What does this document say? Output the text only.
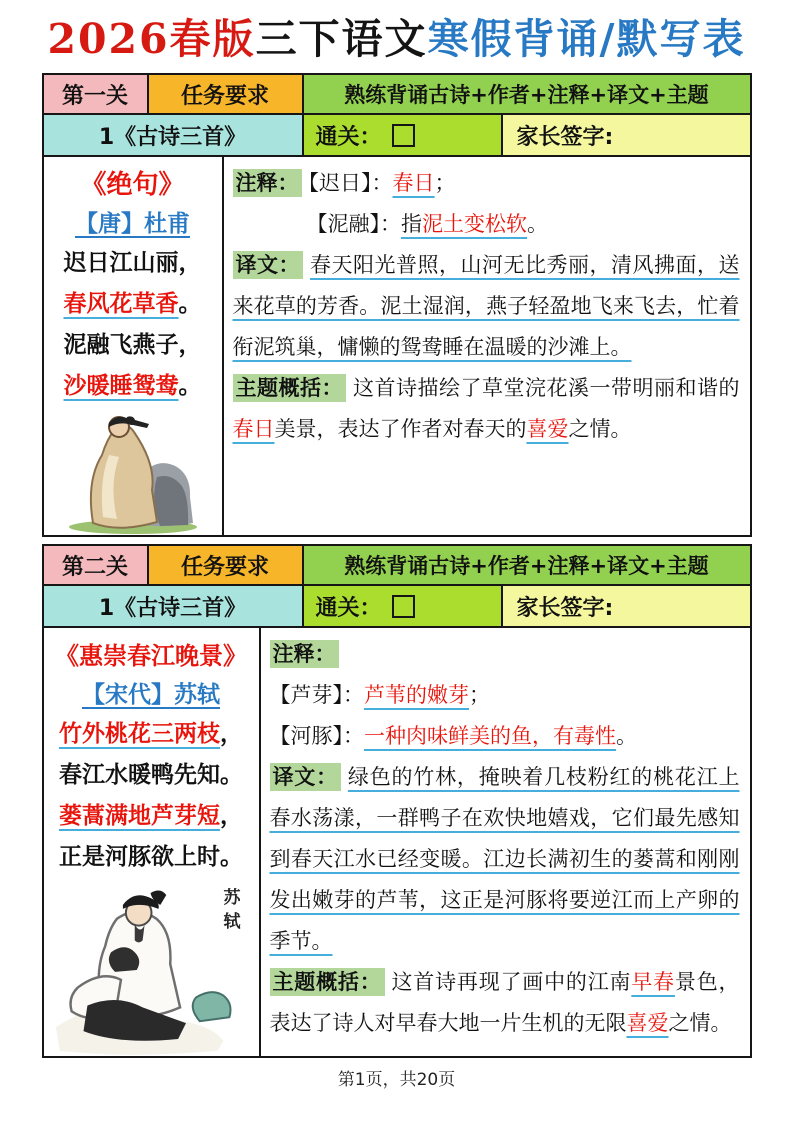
2026春版三下语文寒假背诵/默写表
第一关	任务要求	熟练背诵古诗+作者+注释+译文+主题
1《古诗三首》	通关：	家长签字:
《绝句》
【唐】杜甫
迟日江山丽，
春风花草香。
泥融飞燕子，
沙暖睡鸳鸯。
注释： 【迟日】：春日；
【泥融】：指泥土变松软。
译文： 春天阳光普照，山河无比秀丽，清风拂面，送来花草的芳香。泥土湿润，燕子轻盈地飞来飞去，忙着衔泥筑巢，慵懒的鸳鸯睡在温暖的沙滩上。
主题概括： 这首诗描绘了草堂浣花溪一带明丽和谐的春日美景，表达了作者对春天的喜爱之情。
第二关	任务要求	熟练背诵古诗+作者+注释+译文+主题
1《古诗三首》	通关：	家长签字:
《惠崇春江晚景》
【宋代】苏轼
竹外桃花三两枝，
春江水暖鸭先知。
蒌蒿满地芦芽短，
正是河豚欲上时。
苏轼
注释：
【芦芽】：芦苇的嫩芽；
【河豚】：一种肉味鲜美的鱼，有毒性。
译文： 绿色的竹林，掩映着几枝粉红的桃花江上春水荡漾，一群鸭子在欢快地嬉戏，它们最先感知到春天江水已经变暖。江边长满初生的蒌蒿和刚刚发出嫩芽的芦苇，这正是河豚将要逆江而上产卵的季节。
主题概括： 这首诗再现了画中的江南早春景色，表达了诗人对早春大地一片生机的无限喜爱之情。
第1页，共20页
